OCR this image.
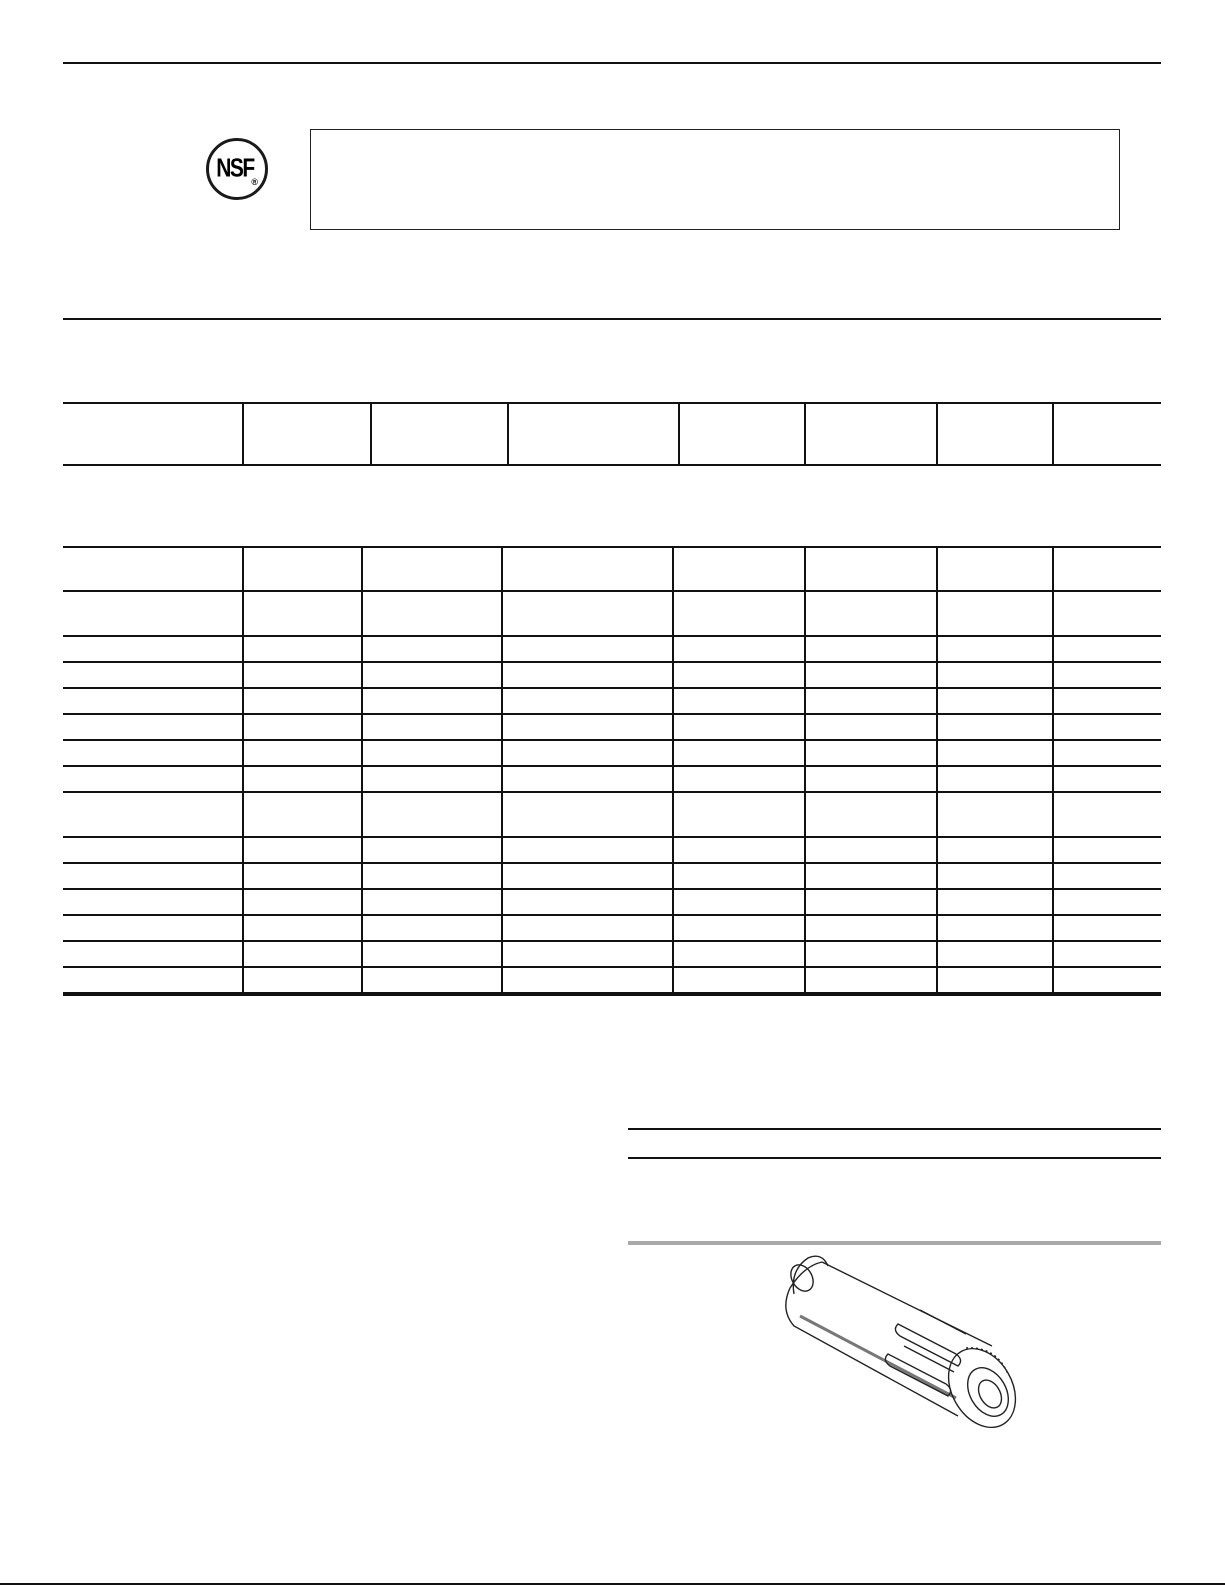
NSF
®
